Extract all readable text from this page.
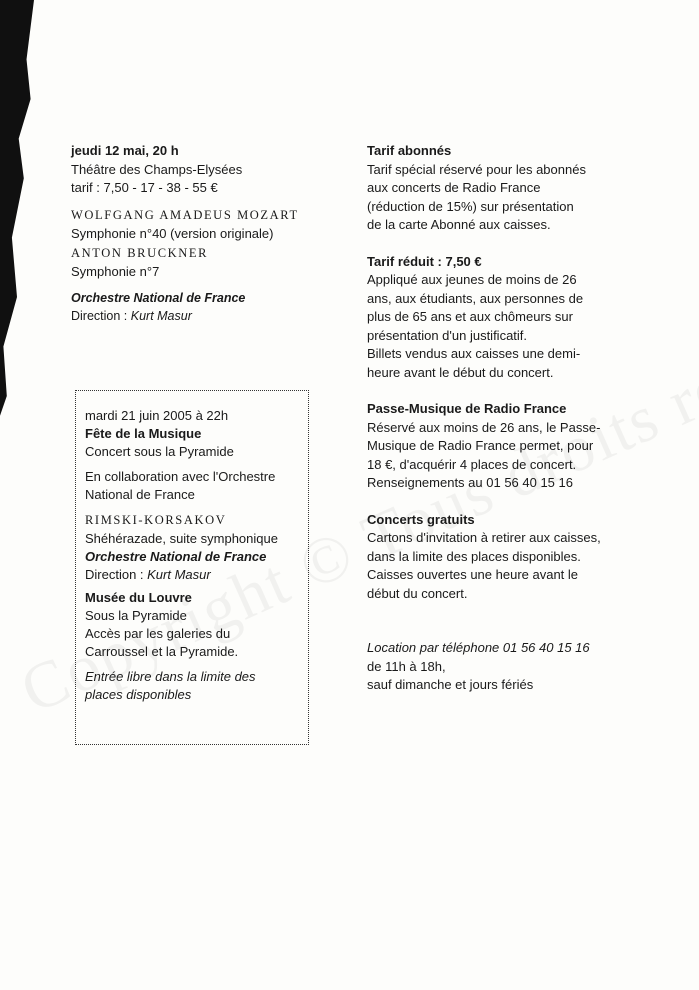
jeudi 12 mai, 20 h
Théâtre des Champs-Elysées
tarif : 7,50 - 17 - 38 - 55 €
WOLFGANG AMADEUS MOZART
Symphonie n°40 (version originale)
ANTON BRUCKNER
Symphonie n°7
Orchestre National de France
Direction : Kurt Masur
mardi 21 juin 2005 à 22h
Fête de la Musique
Concert sous la Pyramide
En collaboration avec l'Orchestre
National de France
RIMSKI-KORSAKOV
Shéhérazade, suite symphonique
Orchestre National de France
Direction : Kurt Masur
Musée du Louvre
Sous la Pyramide
Accès par les galeries du
Carroussel et la Pyramide.
Entrée libre dans la limite des
places disponibles
Tarif abonnés
Tarif spécial réservé pour les abonnés
aux concerts de Radio France
(réduction de 15%) sur présentation
de la carte Abonné aux caisses.
Tarif réduit : 7,50 €
Appliqué aux jeunes de moins de 26
ans, aux étudiants, aux personnes de
plus de 65 ans et aux chômeurs sur
présentation d'un justificatif.
Billets vendus aux caisses une demi-
heure avant le début du concert.
Passe-Musique de Radio France
Réservé aux moins de 26 ans, le Passe-
Musique de Radio France permet, pour
18 €, d'acquérir 4 places de concert.
Renseignements au 01 56 40 15 16
Concerts gratuits
Cartons d'invitation à retirer aux caisses,
dans la limite des places disponibles.
Caisses ouvertes une heure avant le
début du concert.
Location par téléphone 01 56 40 15 16
de 11h à 18h,
sauf dimanche et jours fériés
